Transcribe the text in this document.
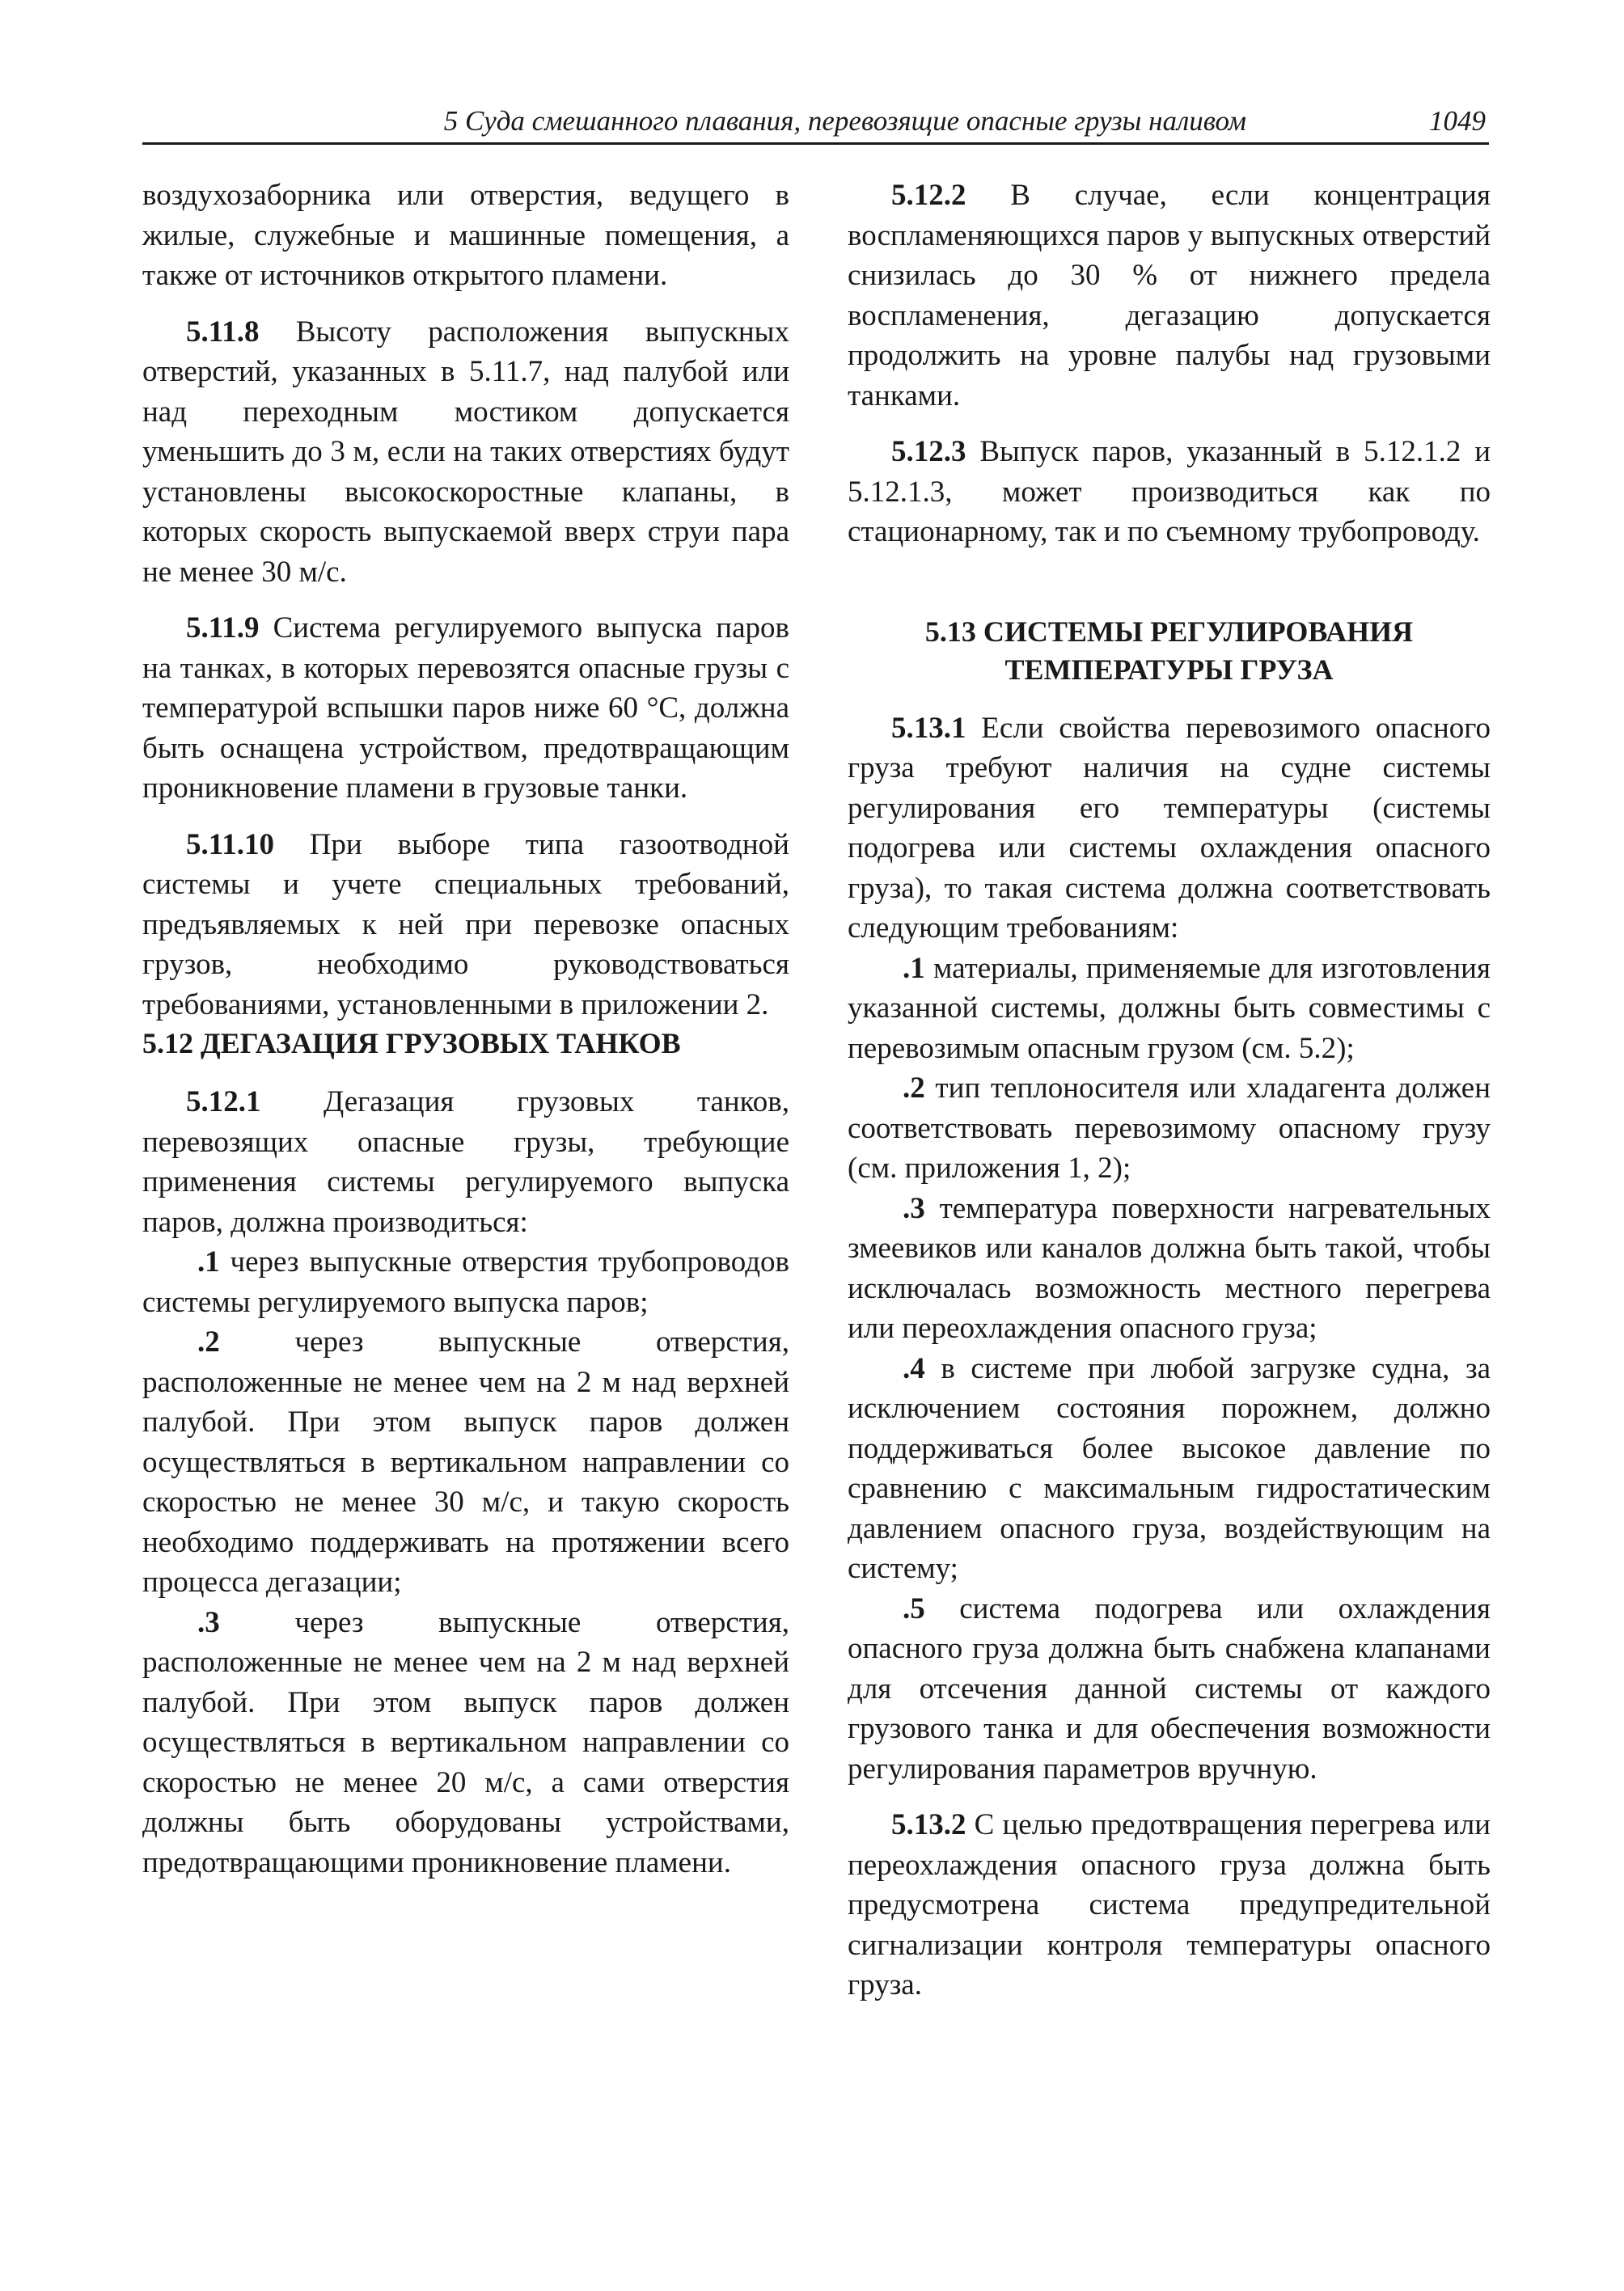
5 Суда смешанного плавания, перевозящие опасные грузы наливом	1049

воздухозаборника или отверстия, ведущего в жилые, служебные и машинные помещения, а также от источников открытого пламени.

5.11.8 Высоту расположения выпускных отверстий, указанных в 5.11.7, над палубой или над переходным мостиком допускается уменьшить до 3 м, если на таких отверстиях будут установлены высокоскоростные клапаны, в которых скорость выпускаемой вверх струи пара не менее 30 м/с.

5.11.9 Система регулируемого выпуска паров на танках, в которых перевозятся опасные грузы с температурой вспышки паров ниже 60 °С, должна быть оснащена устройством, предотвращающим проникновение пламени в грузовые танки.

5.11.10 При выборе типа газоотводной системы и учете специальных требований, предъявляемых к ней при перевозке опасных грузов, необходимо руководствоваться требованиями, установленными в приложении 2.

5.12 ДЕГАЗАЦИЯ ГРУЗОВЫХ ТАНКОВ

5.12.1 Дегазация грузовых танков, перевозящих опасные грузы, требующие применения системы регулируемого выпуска паров, должна производиться:

.1 через выпускные отверстия трубопроводов системы регулируемого выпуска паров;

.2 через выпускные отверстия, расположенные не менее чем на 2 м над верхней палубой. При этом выпуск паров должен осуществляться в вертикальном направлении со скоростью не менее 30 м/с, и такую скорость необходимо поддерживать на протяжении всего процесса дегазации;

.3 через выпускные отверстия, расположенные не менее чем на 2 м над верхней палубой. При этом выпуск паров должен осуществляться в вертикальном направлении со скоростью не менее 20 м/с, а сами отверстия должны быть оборудованы устройствами, предотвращающими проникновение пламени.

5.12.2 В случае, если концентрация воспламеняющихся паров у выпускных отверстий снизилась до 30 % от нижнего предела воспламенения, дегазацию допускается продолжить на уровне палубы над грузовыми танками.

5.12.3 Выпуск паров, указанный в 5.12.1.2 и 5.12.1.3, может производиться как по стационарному, так и по съемному трубопроводу.

5.13 СИСТЕМЫ РЕГУЛИРОВАНИЯ

ТЕМПЕРАТУРЫ ГРУЗА

5.13.1 Если свойства перевозимого опасного груза требуют наличия на судне системы регулирования его температуры (системы подогрева или системы охлаждения опасного груза), то такая система должна соответствовать следующим требованиям:

.1 материалы, применяемые для изготовления указанной системы, должны быть совместимы с перевозимым опасным грузом (см. 5.2);

.2 тип теплоносителя или хладагента должен соответствовать перевозимому опасному грузу (см. приложения 1, 2);

.3 температура поверхности нагревательных змеевиков или каналов должна быть такой, чтобы исключалась возможность местного перегрева или переохлаждения опасного груза;

.4 в системе при любой загрузке судна, за исключением состояния порожнем, должно поддерживаться более высокое давление по сравнению с максимальным гидростатическим давлением опасного груза, воздействующим на систему;

.5 система подогрева или охлаждения опасного груза должна быть снабжена клапанами для отсечения данной системы от каждого грузового танка и для обеспечения возможности регулирования параметров вручную.

5.13.2 С целью предотвращения перегрева или переохлаждения опасного груза должна быть предусмотрена система предупредительной сигнализации контроля температуры опасного груза.
